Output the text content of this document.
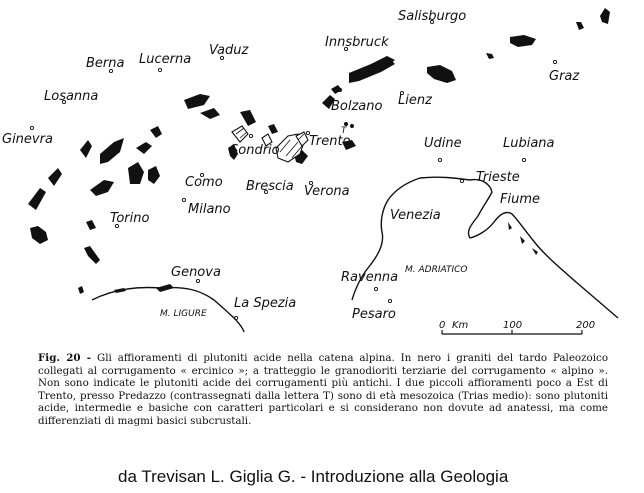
Salisburgo
Innsbruck
Vaduz
Lucerna
Berna
Graz
Losanna
Bolzano Lienz
Ginevra
Sondrio
Trento
T
Udine	Lubiana
Como Brescia Verona
Trieste
Fiume
Milano	Venezia
Torino
Genova	Ravenna
La Spezia
Pesaro
M. LIGURE
M. ADRIATICO
0 Km	100	200
Fig. 20 - Gli affioramenti di plutoniti acide nella catena alpina. In nero i graniti del tardo Paleozoico collegati al corrugamento « ercinico »; a tratteggio le granodioriti terziarie del corrugamento « alpino ». Non sono indicate le plutoniti acide dei corrugamenti più antichi. I due piccoli affioramenti poco a Est di Trento, presso Predazzo (contrassegnati dalla lettera T) sono di età mesozoica (Trias medio): sono plutoniti acide, intermedie e basiche con caratteri particolari e si considerano non dovute ad anatessi, ma come differenziati di magmi basici subcrustali.
da Trevisan L. Giglia G. - Introduzione alla Geologia
